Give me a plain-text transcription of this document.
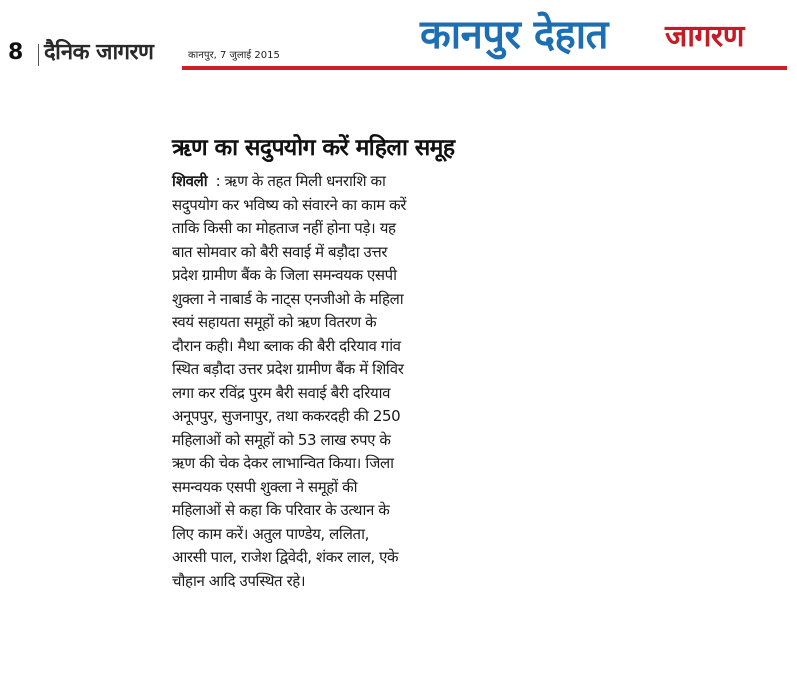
8 दैनिक जागरण	कानपुर, 7 जुलाई 2015	कानपुर देहात जागरण
ऋण का सदुपयोग करें महिला समूह
शिवली : ऋण के तहत मिली धनराशि का
सदुपयोग कर भविष्य को संवारने का काम करें
ताकि किसी का मोहताज नहीं होना पड़े। यह
बात सोमवार को बैरी सवाई में बड़ौदा उत्तर
प्रदेश ग्रामीण बैंक के जिला समन्वयक एसपी
शुक्ला ने नाबार्ड के नाट्स एनजीओ के महिला
स्वयं सहायता समूहों को ऋण वितरण के
दौरान कही। मैथा ब्लाक की बैरी दरियाव गांव
स्थित बड़ौदा उत्तर प्रदेश ग्रामीण बैंक में शिविर
लगा कर रविंद्र पुरम बैरी सवाई बैरी दरियाव
अनूपपुर, सुजनापुर, तथा ककरदही की 250
महिलाओं को समूहों को 53 लाख रुपए के
ऋण की चेक देकर लाभान्वित किया। जिला
समन्वयक एसपी शुक्ला ने समूहों की
महिलाओं से कहा कि परिवार के उत्थान के
लिए काम करें। अतुल पाण्डेय, ललिता,
आरसी पाल, राजेश द्विवेदी, शंकर लाल, एके
चौहान आदि उपस्थित रहे।
